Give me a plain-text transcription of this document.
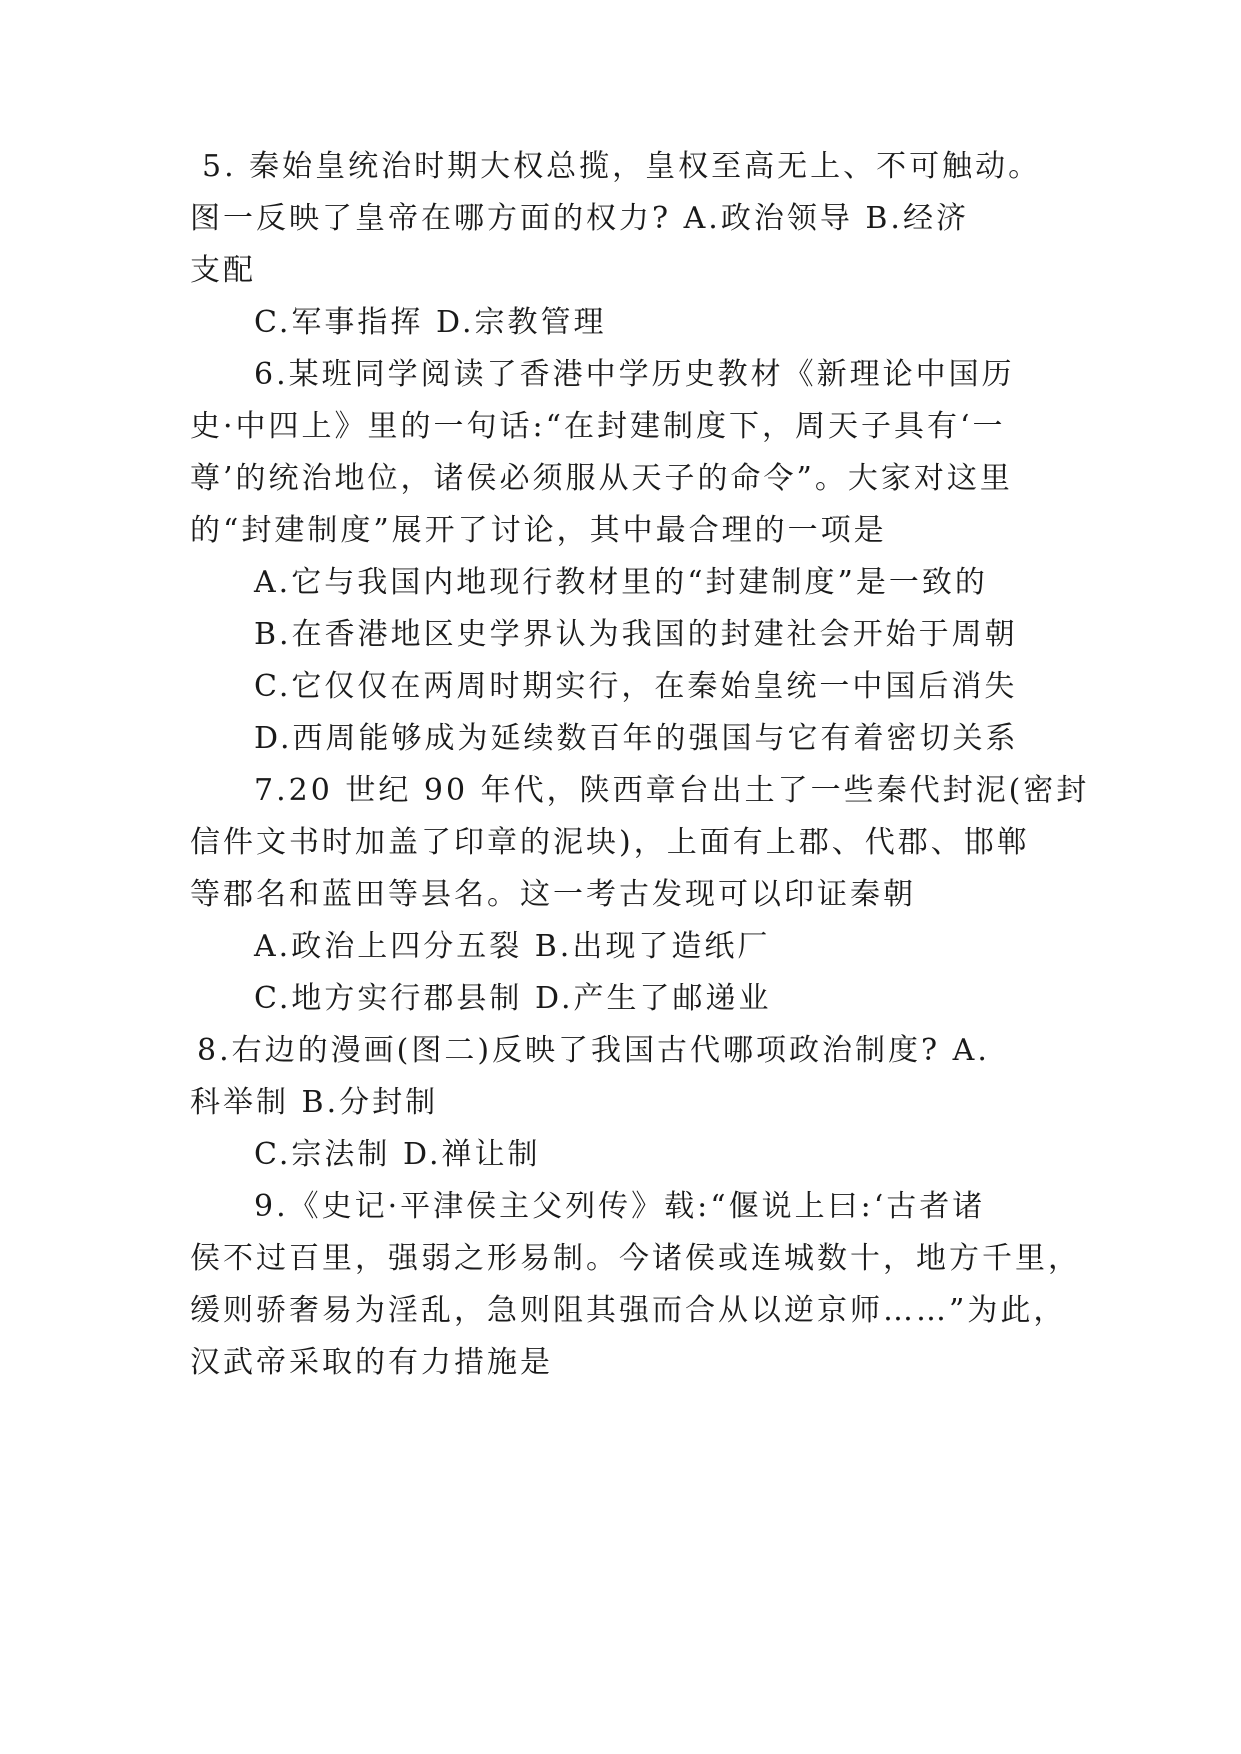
5. 秦始皇统治时期大权总揽，皇权至高无上、不可触动。
图一反映了皇帝在哪方面的权力? A.政治领导 B.经济
支配
C.军事指挥 D.宗教管理
6.某班同学阅读了香港中学历史教材《新理论中国历
史·中四上》里的一句话:“在封建制度下，周天子具有‘一
尊’的统治地位，诸侯必须服从天子的命令”。大家对这里
的“封建制度”展开了讨论，其中最合理的一项是
A.它与我国内地现行教材里的“封建制度”是一致的
B.在香港地区史学界认为我国的封建社会开始于周朝
C.它仅仅在两周时期实行，在秦始皇统一中国后消失
D.西周能够成为延续数百年的强国与它有着密切关系
7.20 世纪 90 年代，陕西章台出土了一些秦代封泥(密封
信件文书时加盖了印章的泥块)，上面有上郡、代郡、邯郸
等郡名和蓝田等县名。这一考古发现可以印证秦朝
A.政治上四分五裂 B.出现了造纸厂
C.地方实行郡县制 D.产生了邮递业
8.右边的漫画(图二)反映了我国古代哪项政治制度? A.
科举制 B.分封制
C.宗法制 D.禅让制
9.《史记·平津侯主父列传》载:“偃说上曰:‘古者诸
侯不过百里，强弱之形易制。今诸侯或连城数十，地方千里，
缓则骄奢易为淫乱，急则阻其强而合从以逆京师……”为此，
汉武帝采取的有力措施是
